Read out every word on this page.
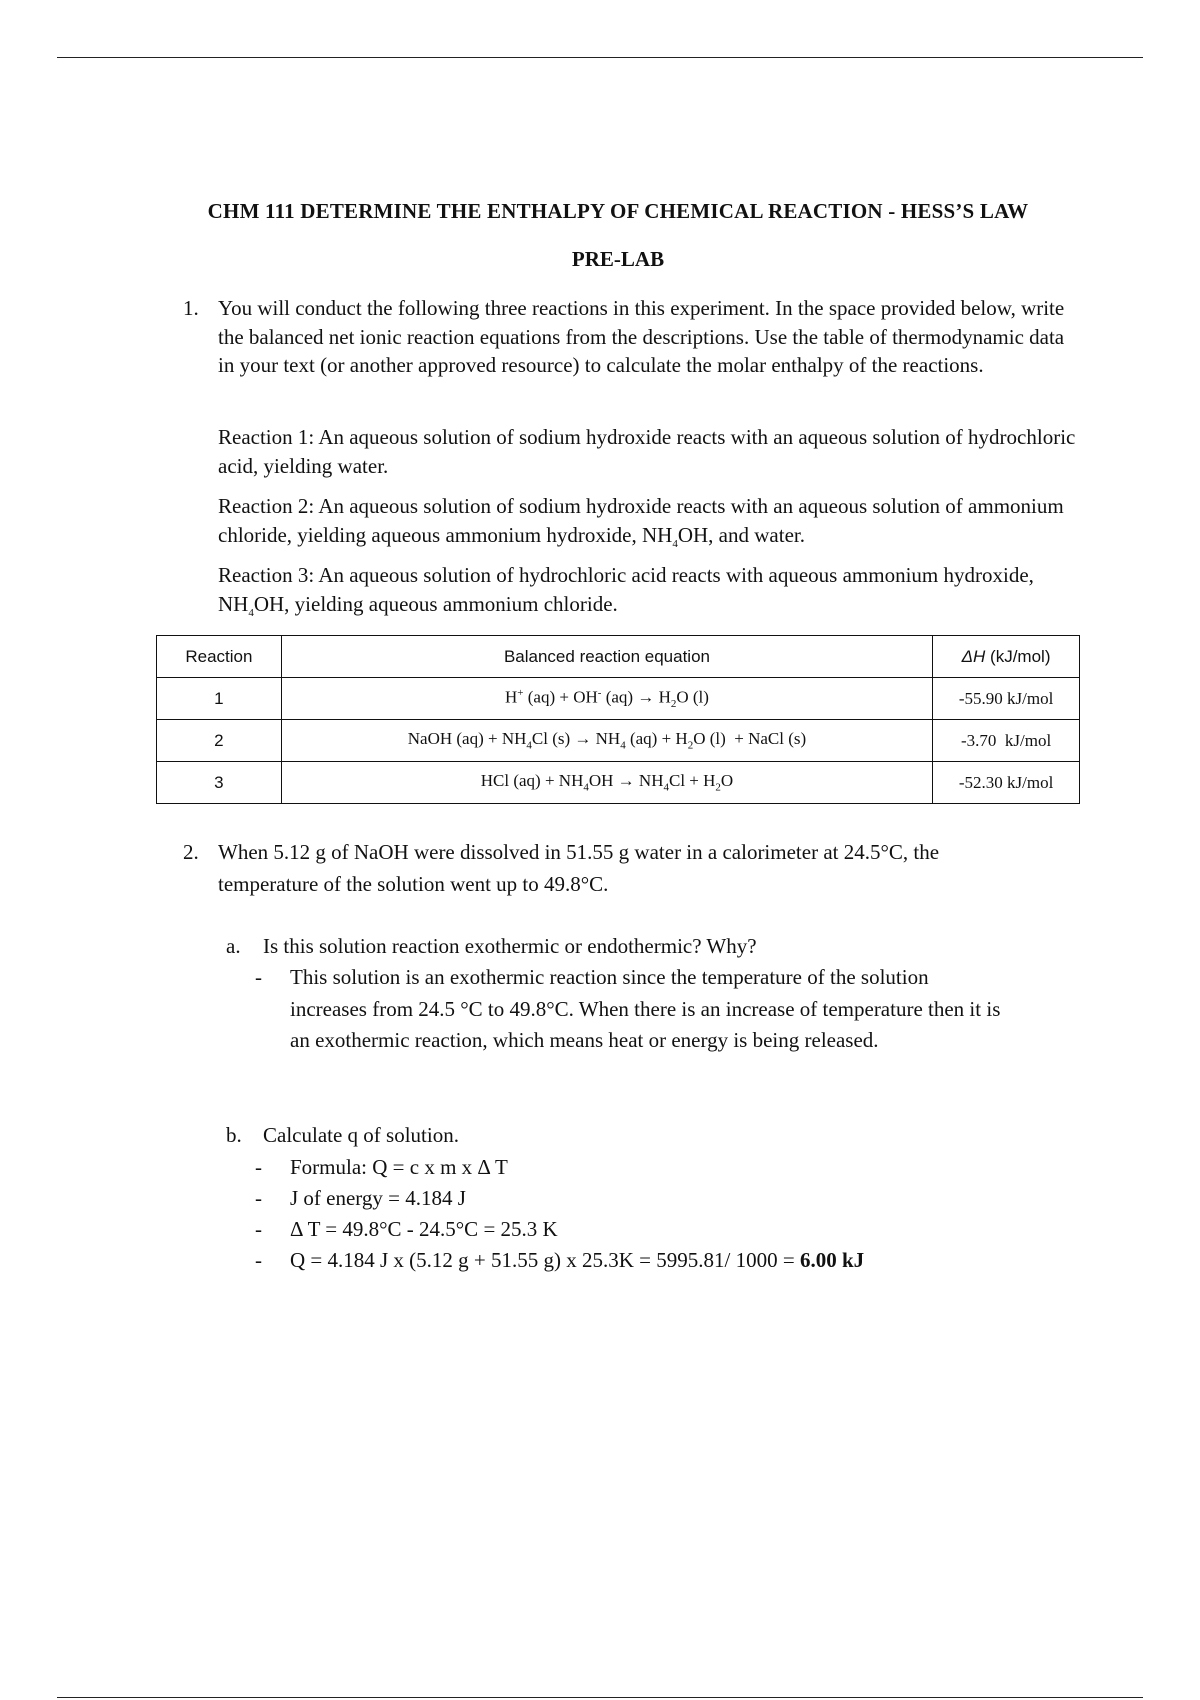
CHM 111 DETERMINE THE ENTHALPY OF CHEMICAL REACTION - HESS’S LAW
PRE-LAB
1. You will conduct the following three reactions in this experiment. In the space provided below, write the balanced net ionic reaction equations from the descriptions. Use the table of thermodynamic data in your text (or another approved resource) to calculate the molar enthalpy of the reactions.
Reaction 1: An aqueous solution of sodium hydroxide reacts with an aqueous solution of hydrochloric acid, yielding water.
Reaction 2: An aqueous solution of sodium hydroxide reacts with an aqueous solution of ammonium chloride, yielding aqueous ammonium hydroxide, $NH_4OH$, and water.
Reaction 3: An aqueous solution of hydrochloric acid reacts with aqueous ammonium hydroxide, $NH_4OH$, yielding aqueous ammonium chloride.
Reaction	Balanced reaction equation	ΔH (kJ/mol)
1	H+ (aq) + OH- $(aq) \to H_2O$ (l)	-55.90 kJ/mol
2	NaOH $(aq) + NH_4Cl$ $(s) \to NH_4$ $(aq) + H_2O$ (l)  + NaCl (s)	-3.70  kJ/mol
3	HCl $(aq) + NH_4OH \to NH_4Cl + H_2O$	-52.30 kJ/mol
2. When 5.12 g of NaOH were dissolved in 51.55 g water in a calorimeter at 24.5°C, the temperature of the solution went up to 49.8°C.
a. Is this solution reaction exothermic or endothermic? Why?
- This solution is an exothermic reaction since the temperature of the solution increases from 24.5 °C to 49.8°C. When there is an increase of temperature then it is an exothermic reaction, which means heat or energy is being released.
b. Calculate q of solution.
- Formula: Q = c x m x Δ T
- J of energy = 4.184 J
- Δ T = 49.8°C - 24.5°C = 25.3 K
- Q = 4.184 J x (5.12 g + 51.55 g) x 25.3K = 5995.81/ 1000 = 6.00 kJ
